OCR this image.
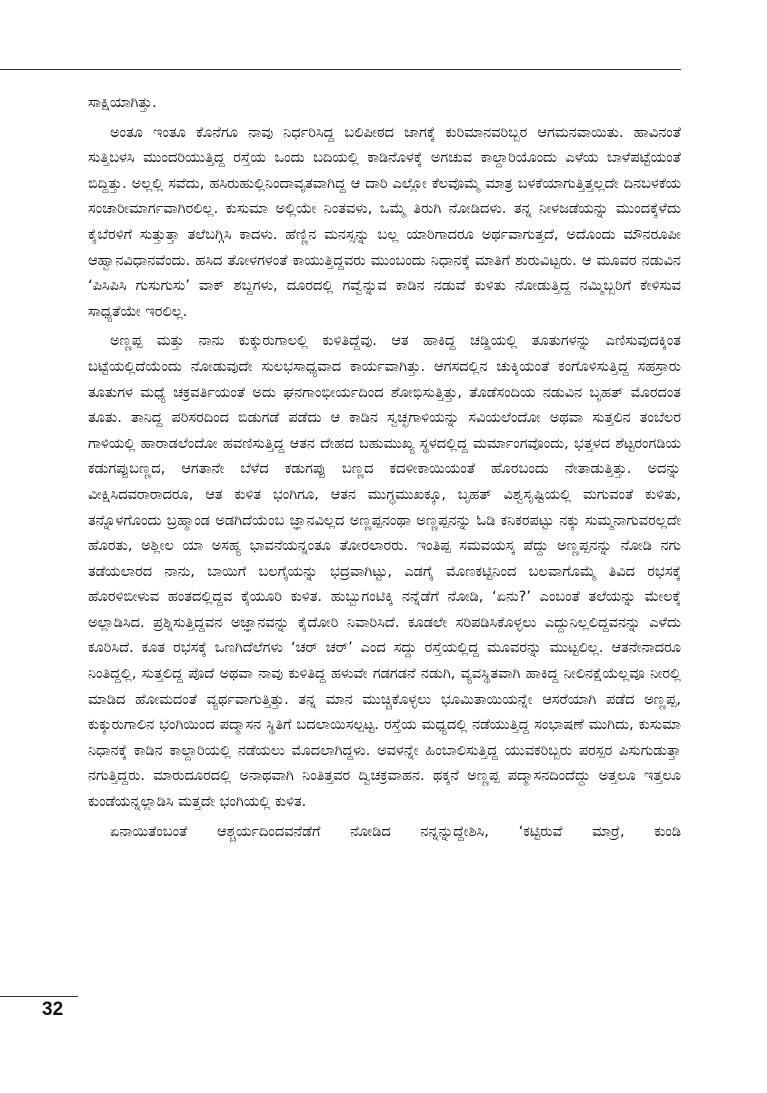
ಸಾಕ್ಷಿಯಾಗಿತ್ತು.

ಅಂತೂ ಇಂತೂ ಕೊನೆಗೂ ನಾವು ನಿರ್ಧರಿಸಿದ್ದ ಬಲಿಪೀಠದ ಜಾಗಕ್ಕೆ ಕುರಿಮಾನವರಿಬ್ಬರ ಆಗಮನವಾಯಿತು. ಹಾವಿನಂತೆ ಸುತ್ತಿಬಳಸಿ ಮುಂದರಿಯುತ್ತಿದ್ದ ರಸ್ತೆಯ ಒಂದು ಬದಿಯಲ್ಲಿ ಕಾಡಿನೊಳಕ್ಕೆ ಅಗಚುವ ಕಾಲ್ದಾರಿಯೊಂದು ಎಳೆಯ ಬಾಳೆಪಟ್ಟೆಯಂತೆ ಬಿದ್ದಿತ್ತು. ಅಲ್ಲಲ್ಲಿ ಸವೆದು, ಹಸಿರುಹುಲ್ಲಿನಿಂದಾವೃತವಾಗಿದ್ದ ಆ ದಾರಿ ಎಲ್ಲೋ ಕೆಲವೊಮ್ಮೆ ಮಾತ್ರ ಬಳಕೆಯಾಗುತ್ತಿತ್ತಲ್ಲದೇ ದಿನಬಳಕೆಯ ಸಂಚಾರೀಮಾರ್ಗವಾಗಿರಲಿಲ್ಲ. ಕುಸುಮಾ ಅಲ್ಲಿಯೇ ನಿಂತವಳು, ಒಮ್ಮೆ ತಿರುಗಿ ನೋಡಿದಳು. ತನ್ನ ನೀಳಜಡೆಯನ್ನು ಮುಂದಕ್ಕೆಳೆದು ಕೈಬೆರಳಿಗೆ ಸುತ್ತುತ್ತಾ ತಲೆಬಗ್ಗಿಸಿ ಕಾದಳು. ಹೆಣ್ಣಿನ ಮನಸ್ಸನ್ನು ಬಲ್ಲ ಯಾರಿಗಾದರೂ ಅರ್ಥವಾಗುತ್ತದೆ, ಅದೊಂದು ಮೌನರೂಪೀ ಆಹ್ವಾನವಿಧಾನವೆಂದು. ಹಸಿದ ತೋಳಗಳಂತೆ ಕಾಯುತ್ತಿದ್ದವರು ಮುಂಬಂದು ನಿಧಾನಕ್ಕೆ ಮಾತಿಗೆ ಶುರುವಿಟ್ಟರು. ಆ ಮೂವರ ನಡುವಿನ ‘ಪಿಸಿಪಿಸಿ ಗುಸುಗುಸು’ ವಾಕ್ ಶಬ್ದಗಳು, ದೂರದಲ್ಲಿ ಗವ್ವೆನ್ನುವ ಕಾಡಿನ ನಡುವೆ ಕುಳಿತು ನೋಡುತ್ತಿದ್ದ ನಮ್ಮಿಬ್ಬರಿಗೆ ಕೇಳಿಸುವ ಸಾಧ್ಯತೆಯೇ ಇರಲಿಲ್ಲ.

ಅಣ್ಣಪ್ಪ ಮತ್ತು ನಾನು ಕುಕ್ಕುರುಗಾಲಲ್ಲಿ ಕುಳಿತಿದ್ದೆವು. ಆತ ಹಾಕಿದ್ದ ಚಡ್ಡಿಯಲ್ಲಿ ತೂತುಗಳನ್ನು ಎಣಿಸುವುದಕ್ಕಿಂತ ಬಟ್ಟೆಯಲ್ಲಿದೆಯೆಂದು ನೋಡುವುದೇ ಸುಲಭಸಾಧ್ಯವಾದ ಕಾರ್ಯವಾಗಿತ್ತು. ಆಗಸದಲ್ಲಿನ ಚುಕ್ಕಿಯಂತೆ ಕಂಗೊಳಿಸುತ್ತಿದ್ದ ಸಹಸ್ರಾರು ತೂತುಗಳ ಮಧ್ಯೆ ಚಕ್ರವರ್ತಿಯಂತೆ ಅದು ಘನಗಾಂಭೀರ್ಯದಿಂದ ಶೋಭಿಸುತ್ತಿತ್ತು, ತೊಡೆಸಂದಿಯ ನಡುವಿನ ಬೃಹತ್ ಮೊರದಂತ ತೂತು. ತಾನಿದ್ದ ಪರಿಸರದಿಂದ ಬಿಡುಗಡೆ ಪಡೆದು ಆ ಕಾಡಿನ ಸ್ವಚ್ಛಗಾಳಿಯನ್ನು ಸವಿಯಲೆಂದೋ ಅಥವಾ ಸುತ್ತಲಿನ ತಂಬೆಲರ ಗಾಳಿಯಲ್ಲಿ ಹಾರಾಡಲೆಂದೋ ಹವಣಿಸುತ್ತಿದ್ದ ಆತನ ದೇಹದ ಬಹುಮುಖ್ಯ ಸ್ಥಳದಲ್ಲಿದ್ದ ಮರ್ಮಾಂಗವೊಂದು, ಭತ್ತಳದ ಶೆಟ್ಟರಂಗಡಿಯ ಕಡುಗಪ್ಪುಬಣ್ಣದ, ಆಗತಾನೇ ಬೆಳೆದ ಕಡುಗಪ್ಪು ಬಣ್ಣದ ಕದಳೀಕಾಯಿಯಂತೆ ಹೊರಬಂದು ನೇತಾಡುತ್ತಿತ್ತು. ಅದನ್ನು ವೀಕ್ಷಿಸಿದವರಾರಾದರೂ, ಆತ ಕುಳಿತ ಭಂಗಿಗೂ, ಆತನ ಮುಗ್ಧಮುಖಕ್ಕೂ, ಬೃಹತ್ ವಿಶ್ವಸೃಷ್ಟಿಯಲ್ಲಿ ಮಗುವಂತೆ ಕುಳಿತು, ತನ್ನೊಳಗೊಂದು ಬ್ರಹ್ಮಾಂಡ ಅಡಗಿದೆಯೆಂಬ ಜ್ಞಾನವಿಲ್ಲದ ಅಣ್ಣಪ್ಪನಂಥಾ ಅಣ್ಣಪ್ಪನನ್ನು ಓಡಿ ಕನಿಕರಪಟ್ಟು ನಕ್ಕು ಸುಮ್ಮನಾಗುವರಲ್ಲದೇ ಹೊರತು, ಅಶ್ಲೀಲ ಯಾ ಅಸಹ್ಯ ಭಾವನೆಯನ್ನಂತೂ ತೋರಲಾರರು. ಇಂತಿಪ್ಪ ಸಮವಯಸ್ಕ ಪೆದ್ದು ಅಣ್ಣಪ್ಪನನ್ನು ನೋಡಿ ನಗು ತಡೆಯಲಾರದ ನಾನು, ಬಾಯಿಗೆ ಬಲಗೈಯನ್ನು ಭದ್ರವಾಗಿಟ್ಟು, ಎಡಗೈ ಮೊಣಕಟ್ಟಿನಿಂದ ಬಲವಾಗೊಮ್ಮೆ ತಿವಿದ ರಭಸಕ್ಕೆ ಹೊರಳಿಬೀಳುವ ಹಂತದಲ್ಲಿದ್ದವ ಕೈಯೂರಿ ಕುಳಿತ. ಹುಬ್ಬುಗಂಟಿಕ್ಕಿ ನನ್ನೆಡೆಗೆ ನೋಡಿ, ‘ಏನು?’ ಎಂಬಂತೆ ತಲೆಯನ್ನು ಮೇಲಕ್ಕೆ ಅಲ್ಲಾಡಿಸಿದ. ಪ್ರಶ್ನಿಸುತ್ತಿದ್ದವನ ಅಜ್ಞಾನವನ್ನು ಕೈದೋರಿ ನಿವಾರಿಸಿದೆ. ಕೂಡಲೇ ಸರಿಪಡಿಸಿಕೊಳ್ಳಲು ಎದ್ದುನಿಲ್ಲಲಿದ್ದವನನ್ನು ಎಳೆದು ಕೂರಿಸಿದೆ. ಕೂತ ರಭಸಕ್ಕೆ ಒಣಗಿದೆಲೆಗಳು ‘ಚರ್ ಚರ್’ ಎಂದ ಸದ್ದು ರಸ್ತೆಯಲ್ಲಿದ್ದ ಮೂವರನ್ನು ಮುಟ್ಟಲಿಲ್ಲ. ಆತನೇನಾದರೂ ನಿಂತಿದ್ದಲ್ಲಿ, ಸುತ್ತಲಿದ್ದ ಪೊದೆ ಅಥವಾ ನಾವು ಕುಳಿತಿದ್ದ ಹಳುವೇ ಗಡಗಡನೆ ನಡುಗಿ, ವ್ಯವಸ್ಥಿತವಾಗಿ ಹಾಕಿದ್ದ ನೀಲಿನಕ್ಷೆಯೆಲ್ಲವೂ ನೀರಲ್ಲಿ ಮಾಡಿದ ಹೋಮದಂತೆ ವ್ಯರ್ಥವಾಗುತ್ತಿತ್ತು. ತನ್ನ ಮಾನ ಮುಚ್ಚಿಕೊಳ್ಳಲು ಭೂಮಿತಾಯಿಯನ್ನೇ ಆಸರೆಯಾಗಿ ಪಡೆದ ಅಣ್ಣಪ್ಪ, ಕುಕ್ಕುರುಗಾಲಿನ ಭಂಗಿಯಿಂದ ಪದ್ಮಾಸನ ಸ್ಥಿತಿಗೆ ಬದಲಾಯಿಸಲ್ಪಟ್ಟ. ರಸ್ತೆಯ ಮಧ್ಯದಲ್ಲಿ ನಡೆಯುತ್ತಿದ್ದ ಸಂಭಾಷಣೆ ಮುಗಿದು, ಕುಸುಮಾ ನಿಧಾನಕ್ಕೆ ಕಾಡಿನ ಕಾಲ್ದಾರಿಯಲ್ಲಿ ನಡೆಯಲು ಮೊದಲಾಗಿದ್ದಳು. ಅವಳನ್ನೇ ಹಿಂಬಾಲಿಸುತ್ತಿದ್ದ ಯುವಕರಿಬ್ಬರು ಪರಸ್ಪರ ಪಿಸುಗುಡುತ್ತಾ ನಗುತ್ತಿದ್ದರು. ಮಾರುದೂರದಲ್ಲಿ ಅನಾಥವಾಗಿ ನಿಂತಿತ್ತವರ ದ್ವಿಚಕ್ರವಾಹನ. ಥಕ್ಕನೆ ಅಣ್ಣಪ್ಪ ಪದ್ಮಾಸನದಿಂದೆದ್ದು ಅತ್ತಲೂ ಇತ್ತಲೂ ಕುಂಡೆಯನ್ನಲ್ಲಾಡಿಸಿ ಮತ್ತದೇ ಭಂಗಿಯಲ್ಲಿ ಕುಳಿತ.

ಏನಾಯಿತೆಂಬಂತೆ ಆಶ್ಚರ್ಯದಿಂದವನೆಡೆಗೆ ನೋಡಿದ ನನ್ನನ್ನುದ್ದೇಶಿಸಿ, ‘ಕಟ್ಟಿರುವೆ ಮಾರ್ರೆ, ಕುಂಡಿ

32
